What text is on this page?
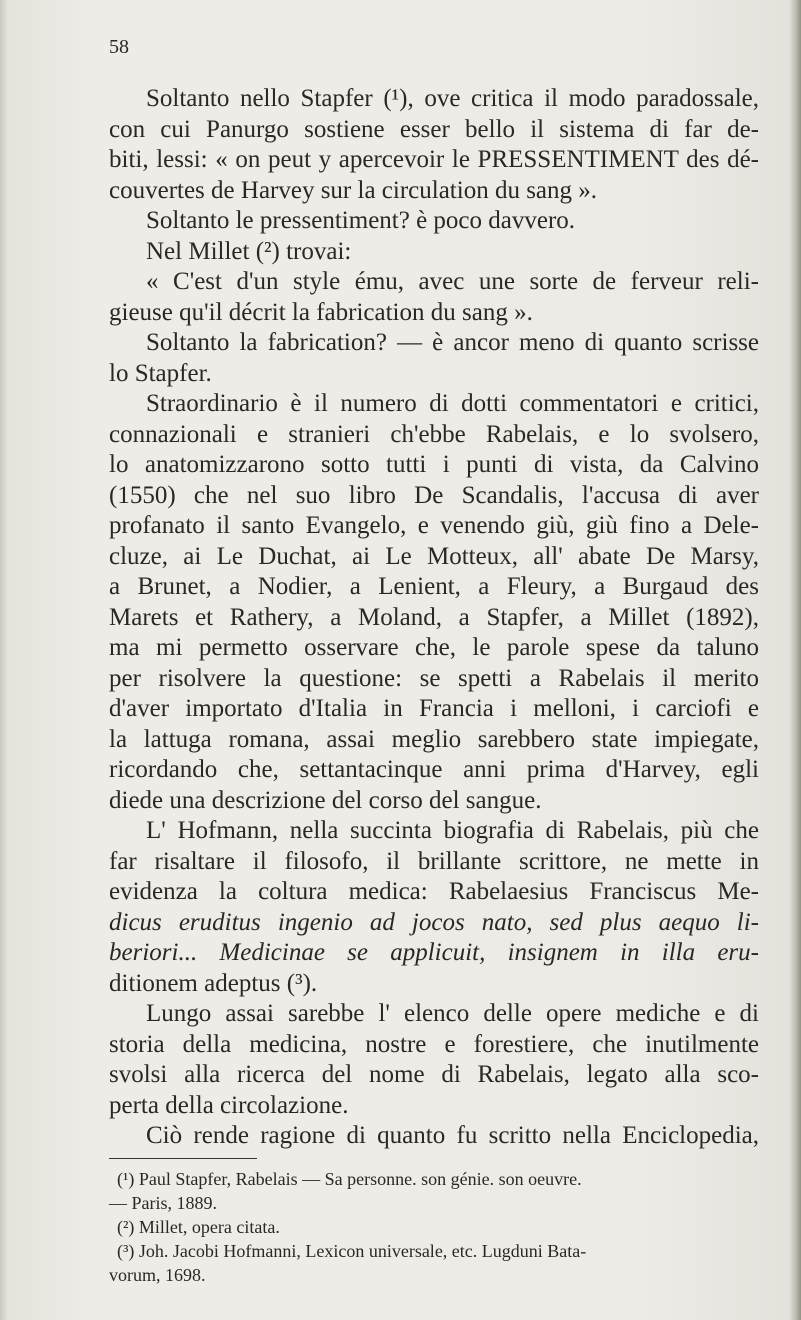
58
Soltanto nello Stapfer (¹), ove critica il modo paradossale,
con cui Panurgo sostiene esser bello il sistema di far de-
biti, lessi: « on peut y apercevoir le PRESSENTIMENT des dé-
couvertes de Harvey sur la circulation du sang ».
Soltanto le pressentiment? è poco davvero.
Nel Millet (²) trovai:
« C'est d'un style ému, avec une sorte de ferveur reli-
gieuse qu'il décrit la fabrication du sang ».
Soltanto la fabrication? — è ancor meno di quanto scrisse
lo Stapfer.
Straordinario è il numero di dotti commentatori e critici,
connazionali e stranieri ch'ebbe Rabelais, e lo svolsero,
lo anatomizzarono sotto tutti i punti di vista, da Calvino
(1550) che nel suo libro De Scandalis, l'accusa di aver
profanato il santo Evangelo, e venendo giù, giù fino a Dele-
cluze, ai Le Duchat, ai Le Motteux, all' abate De Marsy,
a Brunet, a Nodier, a Lenient, a Fleury, a Burgaud des
Marets et Rathery, a Moland, a Stapfer, a Millet (1892),
ma mi permetto osservare che, le parole spese da taluno
per risolvere la questione: se spetti a Rabelais il merito
d'aver importato d'Italia in Francia i melloni, i carciofi e
la lattuga romana, assai meglio sarebbero state impiegate,
ricordando che, settantacinque anni prima d'Harvey, egli
diede una descrizione del corso del sangue.
L' Hofmann, nella succinta biografia di Rabelais, più che
far risaltare il filosofo, il brillante scrittore, ne mette in
evidenza la coltura medica: Rabelaesius Franciscus Me-
dicus eruditus ingenio ad jocos nato, sed plus aequo li-
beriori... Medicinae se applicuit, insignem in illa eru-
ditionem adeptus (³).
Lungo assai sarebbe l' elenco delle opere mediche e di
storia della medicina, nostre e forestiere, che inutilmente
svolsi alla ricerca del nome di Rabelais, legato alla sco-
perta della circolazione.
Ciò rende ragione di quanto fu scritto nella Enciclopedia,
(¹) Paul Stapfer, Rabelais — Sa personne. son génie. son oeuvre.
— Paris, 1889.
(²) Millet, opera citata.
(³) Joh. Jacobi Hofmanni, Lexicon universale, etc. Lugduni Bata-
vorum, 1698.
